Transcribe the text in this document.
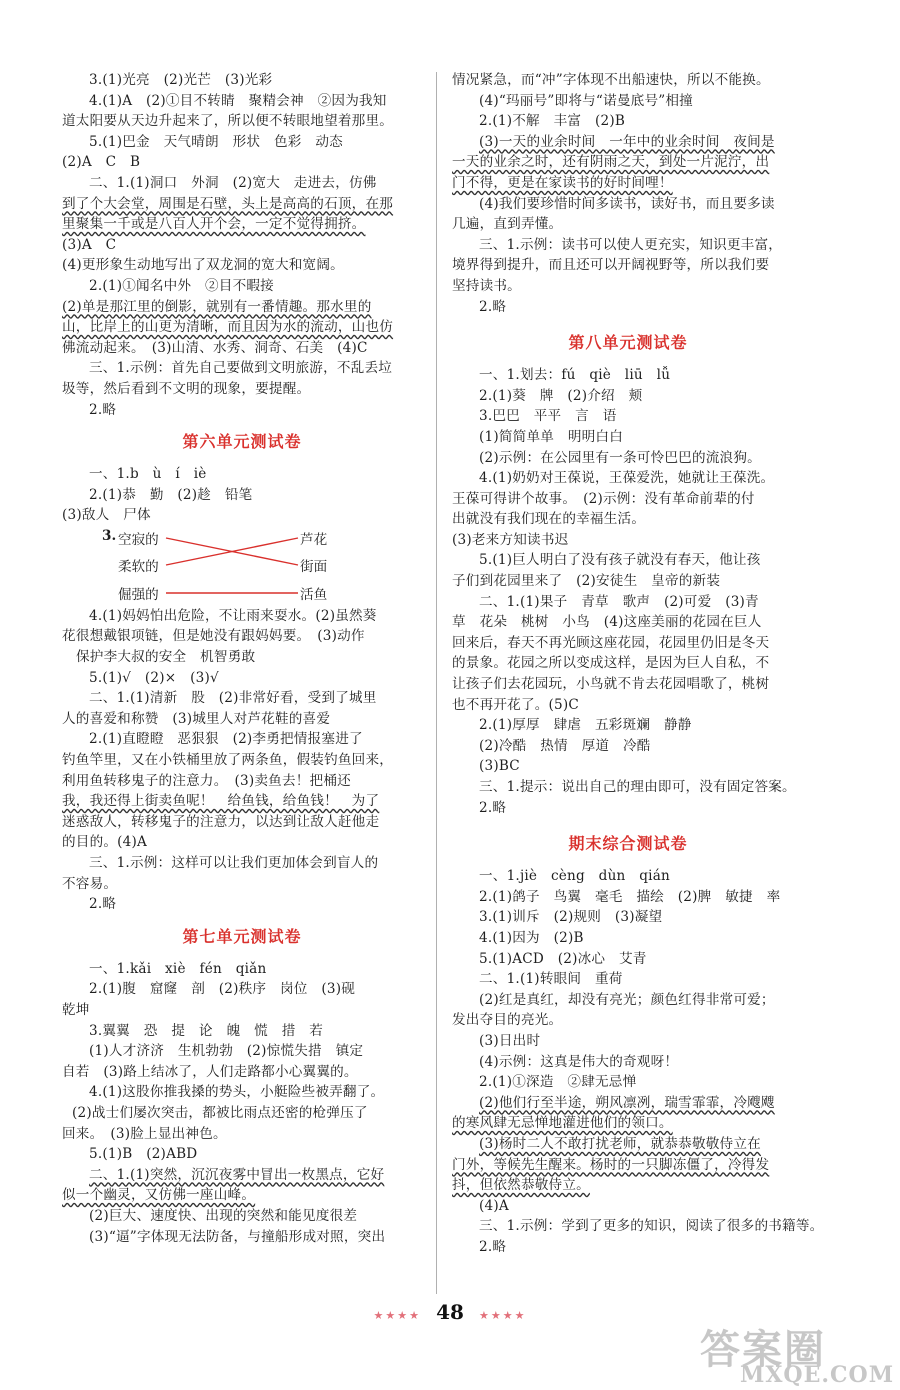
3.(1)光亮　(2)光芒　(3)光彩
4.(1)A　(2)①目不转睛　聚精会神　②因为我知
道太阳要从天边升起来了，所以便不转眼地望着那里。
5.(1)巴金　天气晴朗　形状　色彩　动态
(2)A　C　B
二、1.(1)洞口　外洞　(2)宽大　走进去，仿佛
到了个大会堂，周围是石壁，头上是高高的石顶，在那
里聚集一千或是八百人开个会，一定不觉得拥挤。
(3)A　C
(4)更形象生动地写出了双龙洞的宽大和宽阔。
2.(1)①闻名中外　②目不暇接
(2)单是那江里的倒影，就别有一番情趣。那水里的
山，比岸上的山更为清晰，而且因为水的流动，山也仿
佛流动起来。　(3)山清、水秀、洞奇、石美　(4)C
三、1.示例：首先自己要做到文明旅游，不乱丢垃
圾等，然后看到不文明的现象，要提醒。
2.略
第六单元测试卷
一、1.b　ù　í　iè
2.(1)恭　勤　(2)趁　铅笔
(3)敌人　尸体
3. 空寂的
柔软的
倔强的
芦花
街面
活鱼
4.(1)妈妈怕出危险，不让雨来耍水。(2)虽然葵
花很想戴银项链，但是她没有跟妈妈要。　(3)动作
保护李大叔的安全　机智勇敢
5.(1)√　(2)×　(3)√
二、1.(1)清新　股　(2)非常好看，受到了城里
人的喜爱和称赞　(3)城里人对芦花鞋的喜爱
2.(1)直瞪瞪　恶狠狠　(2)李勇把情报塞进了
钓鱼竿里，又在小铁桶里放了两条鱼，假装钓鱼回来，
利用鱼转移鬼子的注意力。　(3)卖鱼去！把桶还
我，我还得上街卖鱼呢！　给鱼钱，给鱼钱！　为了
迷惑敌人，转移鬼子的注意力，以达到让敌人赶他走
的目的。(4)A
三、1.示例：这样可以让我们更加体会到盲人的
不容易。
2.略
第七单元测试卷
一、1.kǎi　xiè　fén　qiǎn
2.(1)腹　窟窿　剖　(2)秩序　岗位　(3)砚
乾坤
3.翼翼　恐　提　论　魄　慌　措　若
(1)人才济济　生机勃勃　(2)惊慌失措　镇定
自若　(3)路上结冰了，人们走路都小心翼翼的。
4.(1)这股你推我搡的势头，小艇险些被弄翻了。
(2)战士们屡次突击，都被比雨点还密的枪弹压了
回来。　(3)脸上显出神色。
5.(1)B　(2)ABD
二、1.(1)突然，沉沉夜雾中冒出一枚黑点，它好
似一个幽灵，又仿佛一座山峰。
(2)巨大、速度快、出现的突然和能见度很差
(3)“逼”字体现无法防备，与撞船形成对照，突出
情况紧急，而“冲”字体现不出船速快，所以不能换。
(4)“玛丽号”即将与“诺曼底号”相撞
2.(1)不解　丰富　(2)B
(3)一天的业余时间　一年中的业余时间　夜间是
一天的业余之时，还有阴雨之天，到处一片泥泞，出
门不得，更是在家读书的好时间哩！
(4)我们要珍惜时间多读书，读好书，而且要多读
几遍，直到弄懂。
三、1.示例：读书可以使人更充实，知识更丰富，
境界得到提升，而且还可以开阔视野等，所以我们要
坚持读书。
2.略
第八单元测试卷
一、1.划去：fú　qiè　liū　lǚ
2.(1)葵　牌　(2)介绍　颊
3.巴巴　平平　言　语
(1)简简单单　明明白白
(2)示例：在公园里有一条可怜巴巴的流浪狗。
4.(1)奶奶对王葆说，王葆爱洗，她就让王葆洗。
王葆可得讲个故事。　(2)示例：没有革命前辈的付
出就没有我们现在的幸福生活。
(3)老来方知读书迟
5.(1)巨人明白了没有孩子就没有春天，他让孩
子们到花园里来了　(2)安徒生　皇帝的新装
二、1.(1)果子　青草　歌声　(2)可爱　(3)青
草　花朵　桃树　小鸟　(4)这座美丽的花园在巨人
回来后，春天不再光顾这座花园，花园里仍旧是冬天
的景象。花园之所以变成这样，是因为巨人自私，不
让孩子们去花园玩，小鸟就不肯去花园唱歌了，桃树
也不再开花了。(5)C
2.(1)厚厚　肆虐　五彩斑斓　静静
(2)冷酷　热情　厚道　冷酷
(3)BC
三、1.提示：说出自己的理由即可，没有固定答案。
2.略
期末综合测试卷
一、1.jiè　cèng　dùn　qián
2.(1)鸽子　鸟翼　毫毛　描绘　(2)脾　敏捷　率
3.(1)训斥　(2)规则　(3)凝望
4.(1)因为　(2)B
5.(1)ACD　(2)冰心　艾青
二、1.(1)转眼间　重荷
(2)红是真红，却没有亮光；颜色红得非常可爱；
发出夺目的亮光。
(3)日出时
(4)示例：这真是伟大的奇观呀！
2.(1)①深造　②肆无忌惮
(2)他们行至半途，朔风凛冽，瑞雪霏霏，冷飕飕
的寒风肆无忌惮地灌进他们的领口。
(3)杨时二人不敢打扰老师，就恭恭敬敬侍立在
门外，等候先生醒来。杨时的一只脚冻僵了，冷得发
抖，但依然恭敬侍立。
(4)A
三、1.示例：学到了更多的知识，阅读了很多的书籍等。
2.略
★★★★ 48 ★★★★
答案圈
MXQE.COM
